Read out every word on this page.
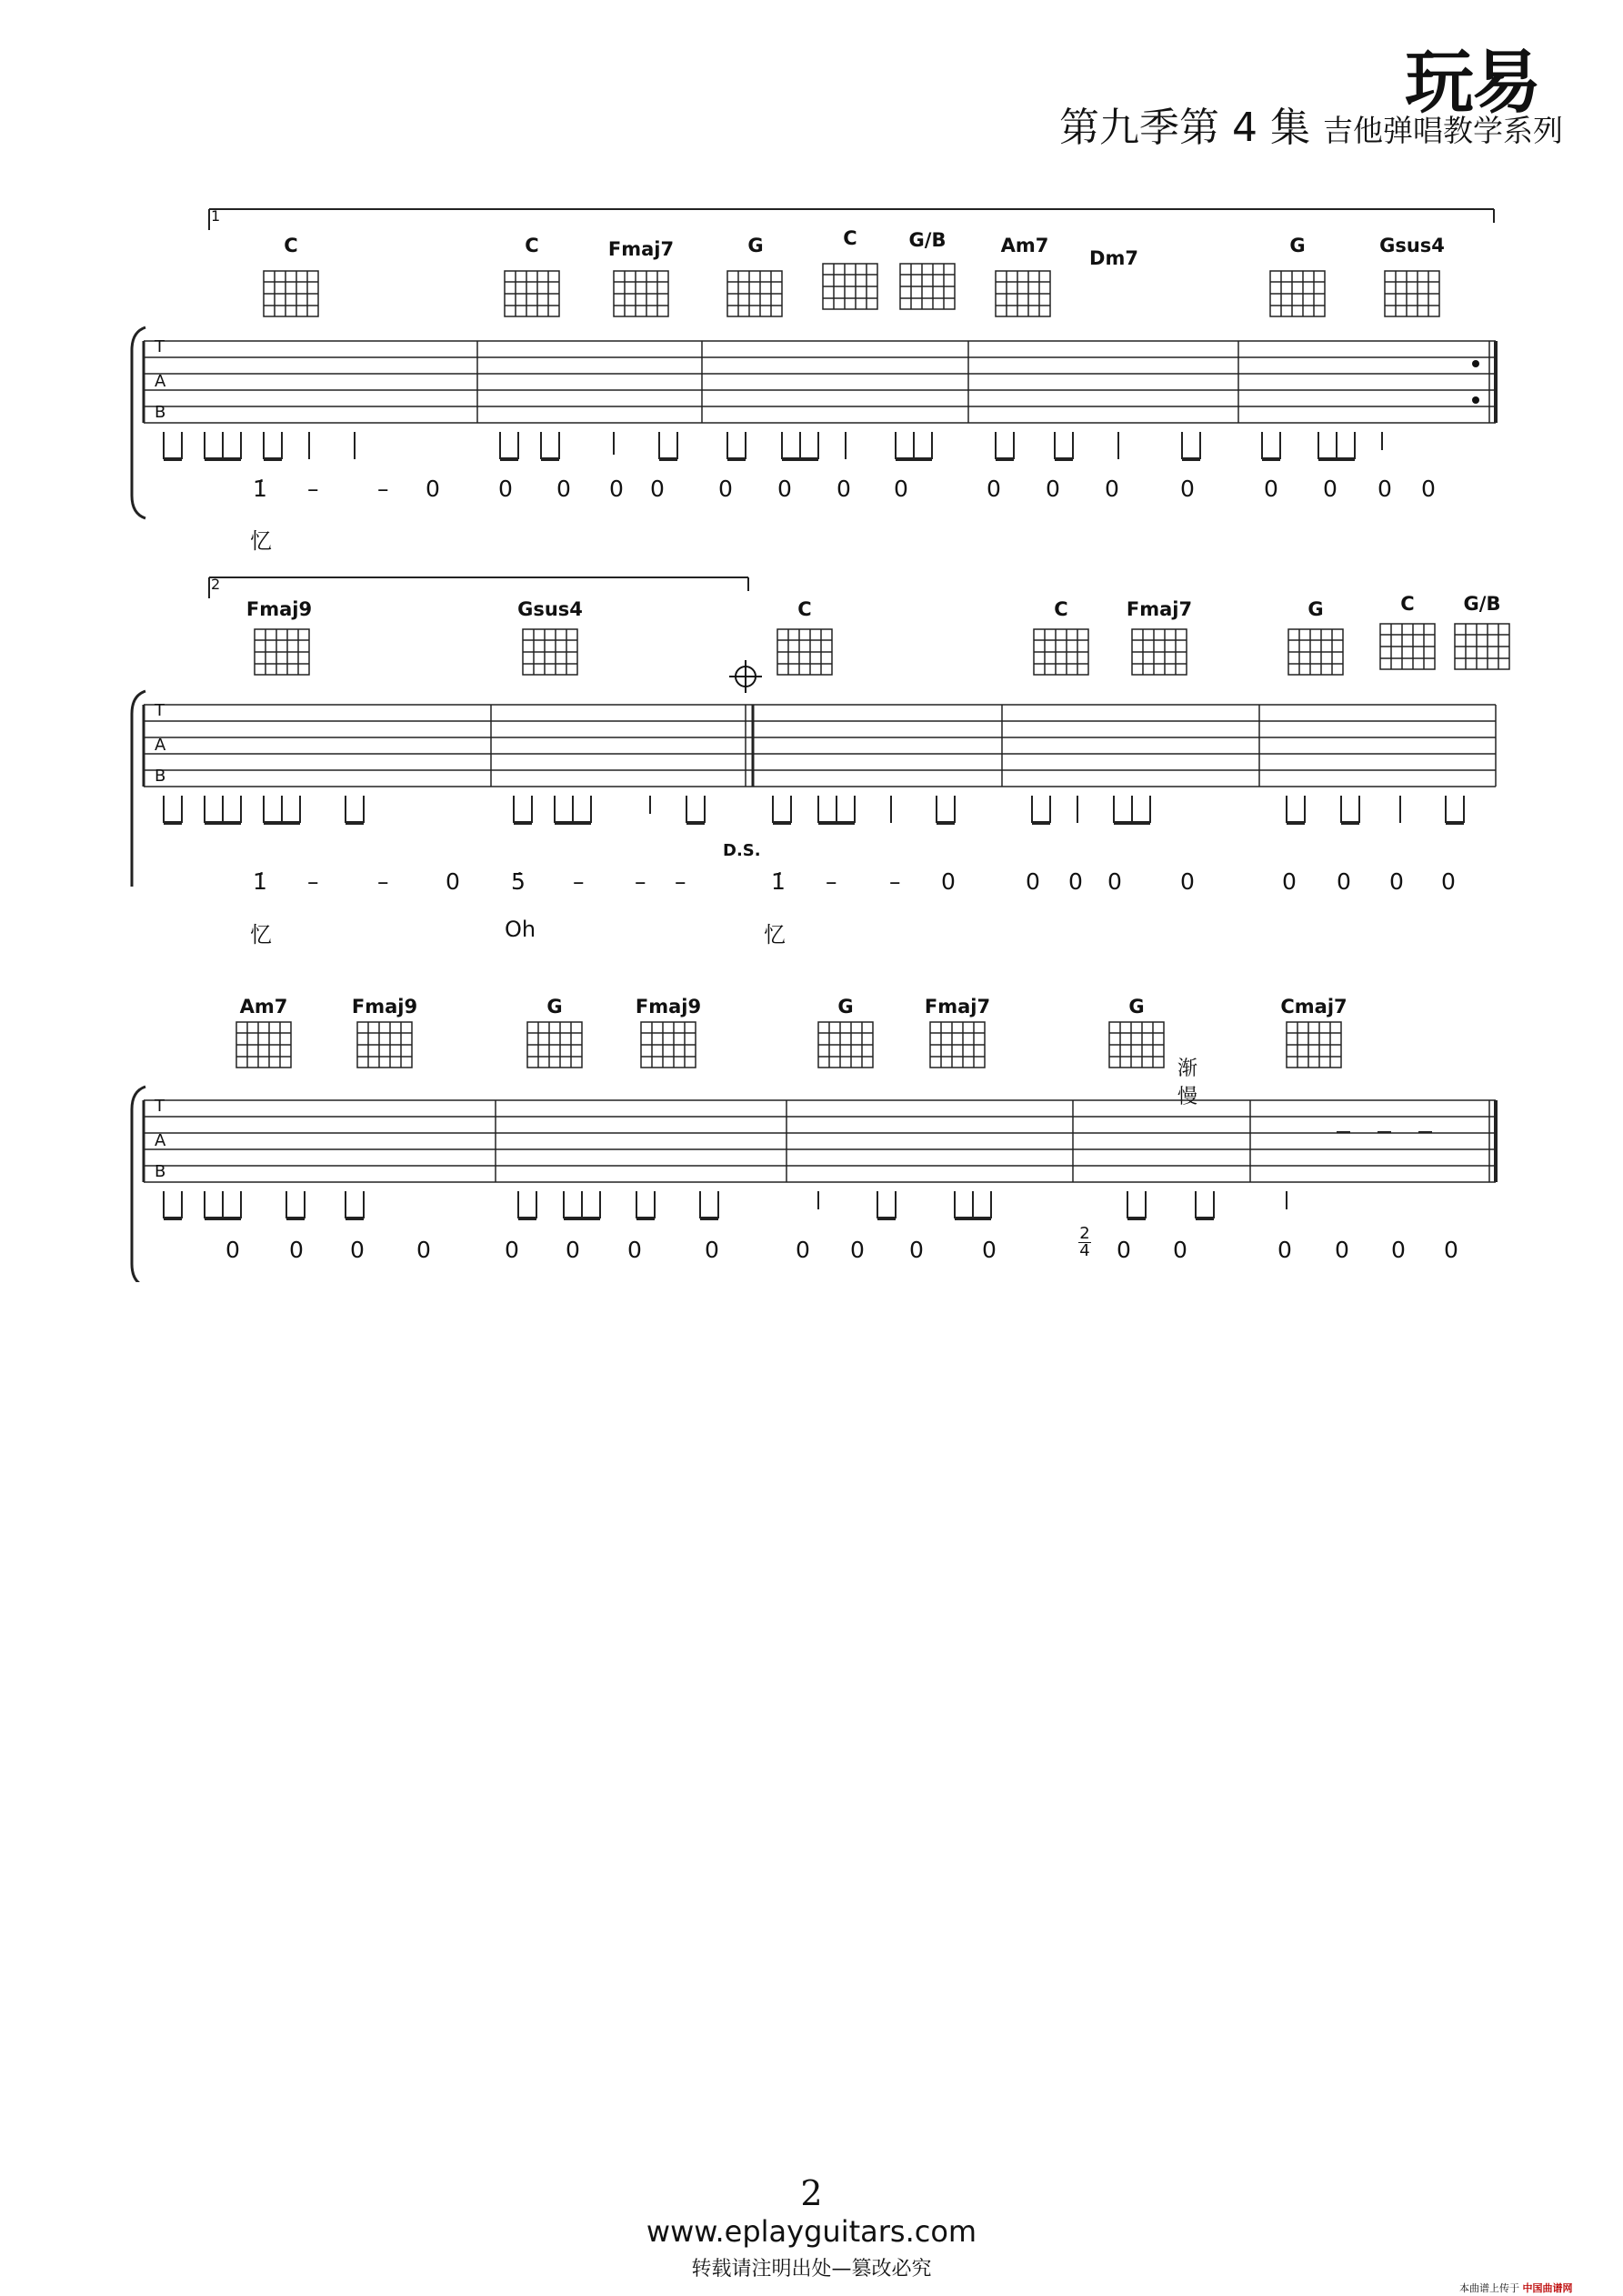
玩易
第九季第 4 集 吉他弹唱教学系列
1
C	C	Fmaj7	G	C	G/B	Am7
Dm7
G	Gsus4
T
A
B
1̇ –	– 0	0 0 0 0 0 0 0 0	0 0 0	0	0 0 0 0
忆
2
Fmaj9	Gsus4	C	C	Fmaj7	G	C	G/B
T
A
B
D.S.
1̇ –	–	0 5̇ – – –	1̇ – – 0	0 0 0	0	0 0 0 0
忆	Oh	忆
Am7	Fmaj9	G	Fmaj9	G	Fmaj7	G	Cmaj7
渐慢
T
A
B
0 0 0 0	0 0 0	0	0 0 0	0	0 0	0 0 0 0
2
4
2
www.eplayguitars.com
转载请注明出处—篡改必究
本曲谱上传于 中国曲谱网
